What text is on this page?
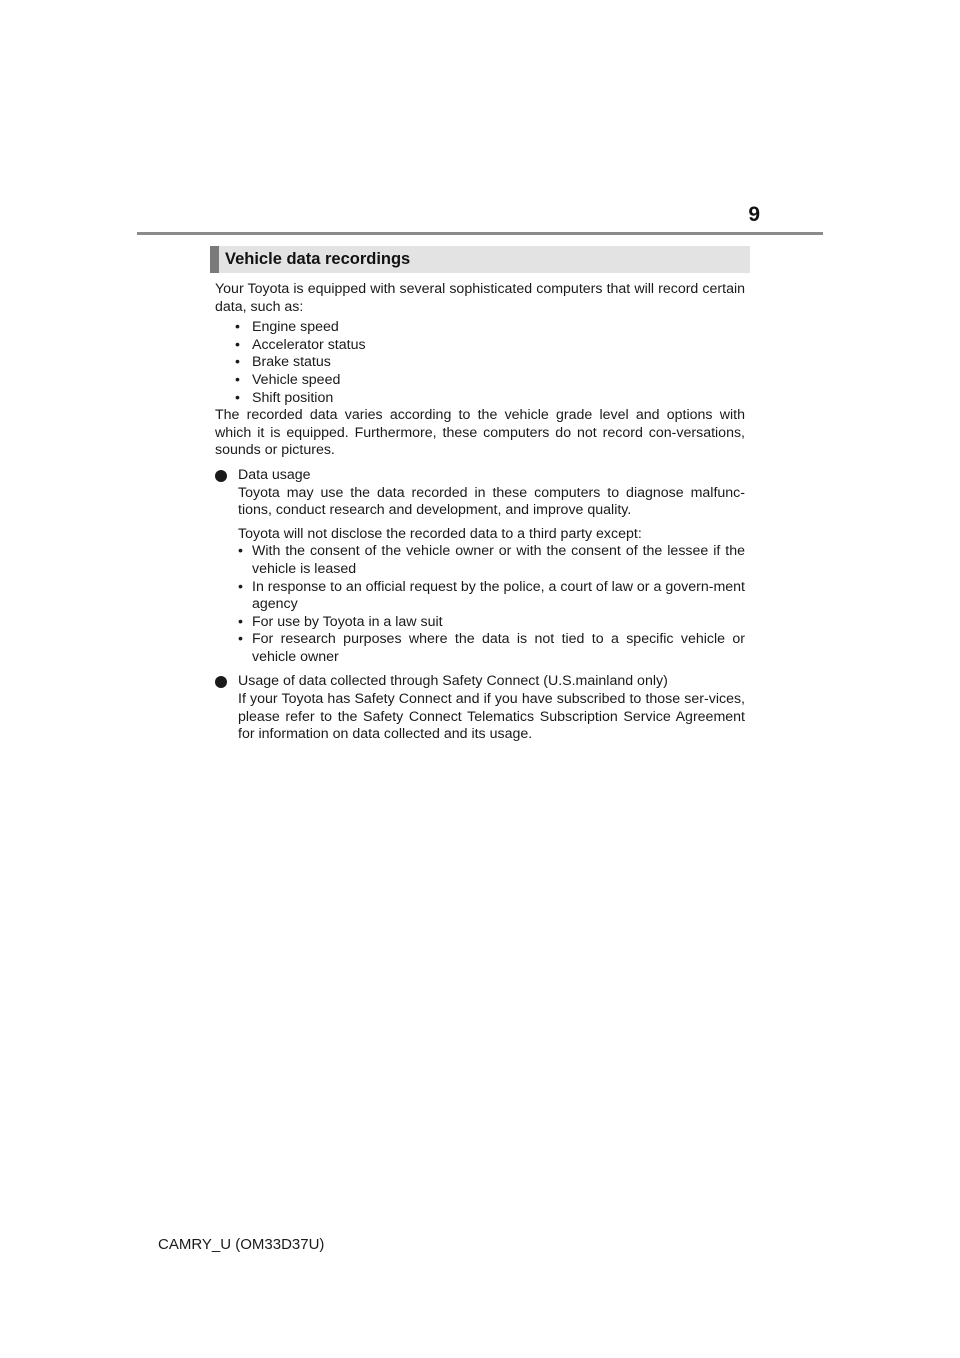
9
Vehicle data recordings

Your Toyota is equipped with several sophisticated computers that will record certain data, such as:

• Engine speed
• Accelerator status
• Brake status
• Vehicle speed
• Shift position

The recorded data varies according to the vehicle grade level and options with which it is equipped. Furthermore, these computers do not record con-versations, sounds or pictures.

Data usage

Toyota may use the data recorded in these computers to diagnose malfunc-tions, conduct research and development, and improve quality.

Toyota will not disclose the recorded data to a third party except:

• With the consent of the vehicle owner or with the consent of the lessee if the vehicle is leased
• In response to an official request by the police, a court of law or a govern-ment agency
• For use by Toyota in a law suit
• For research purposes where the data is not tied to a specific vehicle or vehicle owner

Usage of data collected through Safety Connect (U.S.mainland only)

If your Toyota has Safety Connect and if you have subscribed to those ser-vices, please refer to the Safety Connect Telematics Subscription Service Agreement for information on data collected and its usage.

CAMRY_U (OM33D37U)
